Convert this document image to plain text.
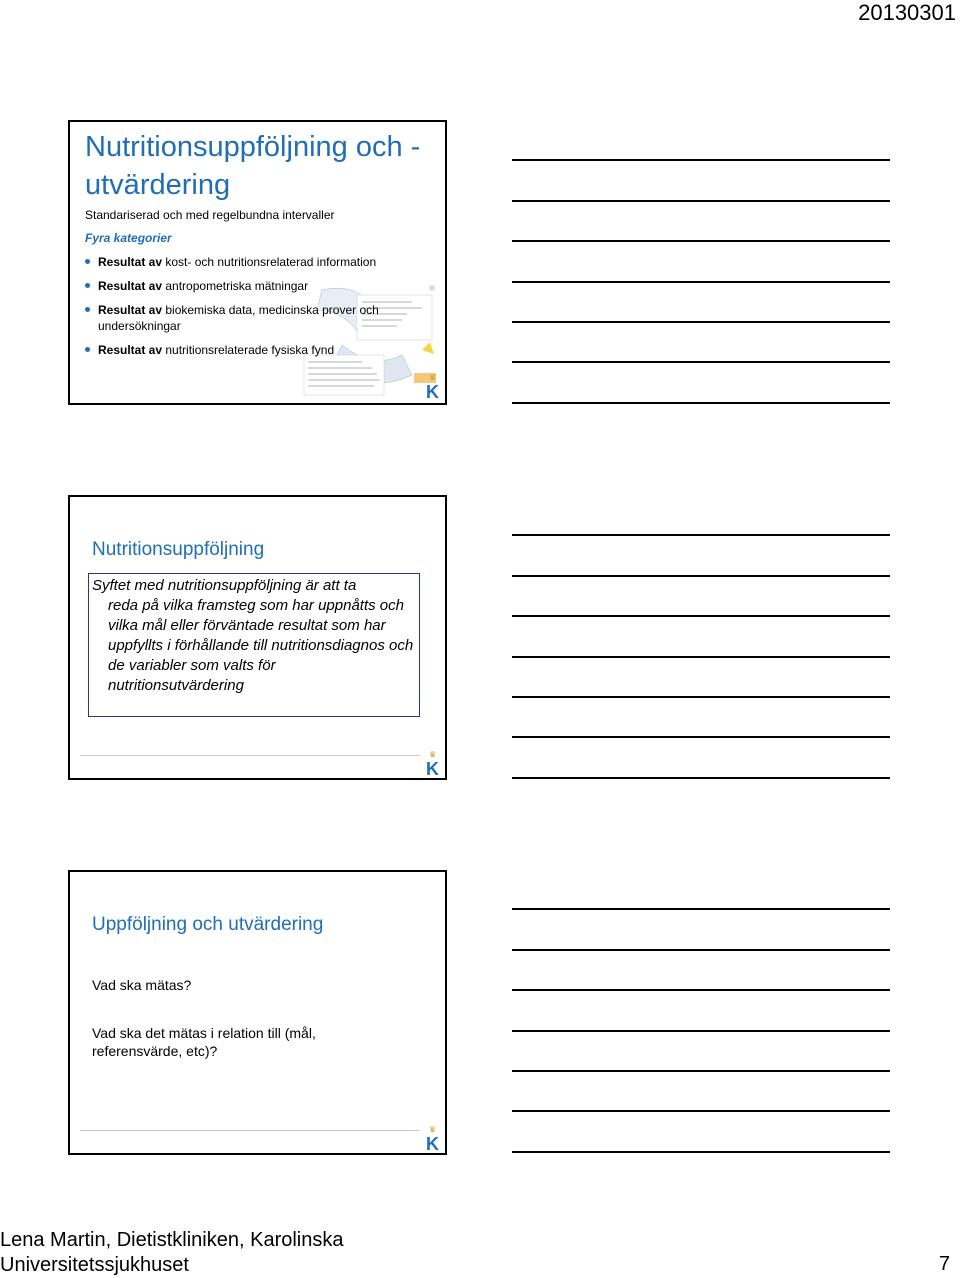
20130301
Nutritionsuppföljning och - utvärdering
Standariserad och med regelbundna intervaller
Fyra kategorier
Resultat av kost- och nutritionsrelaterad information
Resultat av antropometriska mätningar
Resultat av biokemiska data, medicinska prover och undersökningar
Resultat av nutritionsrelaterade fysiska fynd
♛
K
Nutritionsuppföljning
Syftet med nutritionsuppföljning är att ta
reda på vilka framsteg som har uppnåtts och vilka mål eller förväntade resultat som har uppfyllts i förhållande till nutritionsdiagnos och de variabler som valts för nutritionsutvärdering
♛
K
Uppföljning och utvärdering

Vad ska mätas?

Vad ska det mätas i relation till (mål,

referensvärde, etc)?

♛
K
Lena Martin, Dietistkliniken, Karolinska
Universitetssjukhuset	7
